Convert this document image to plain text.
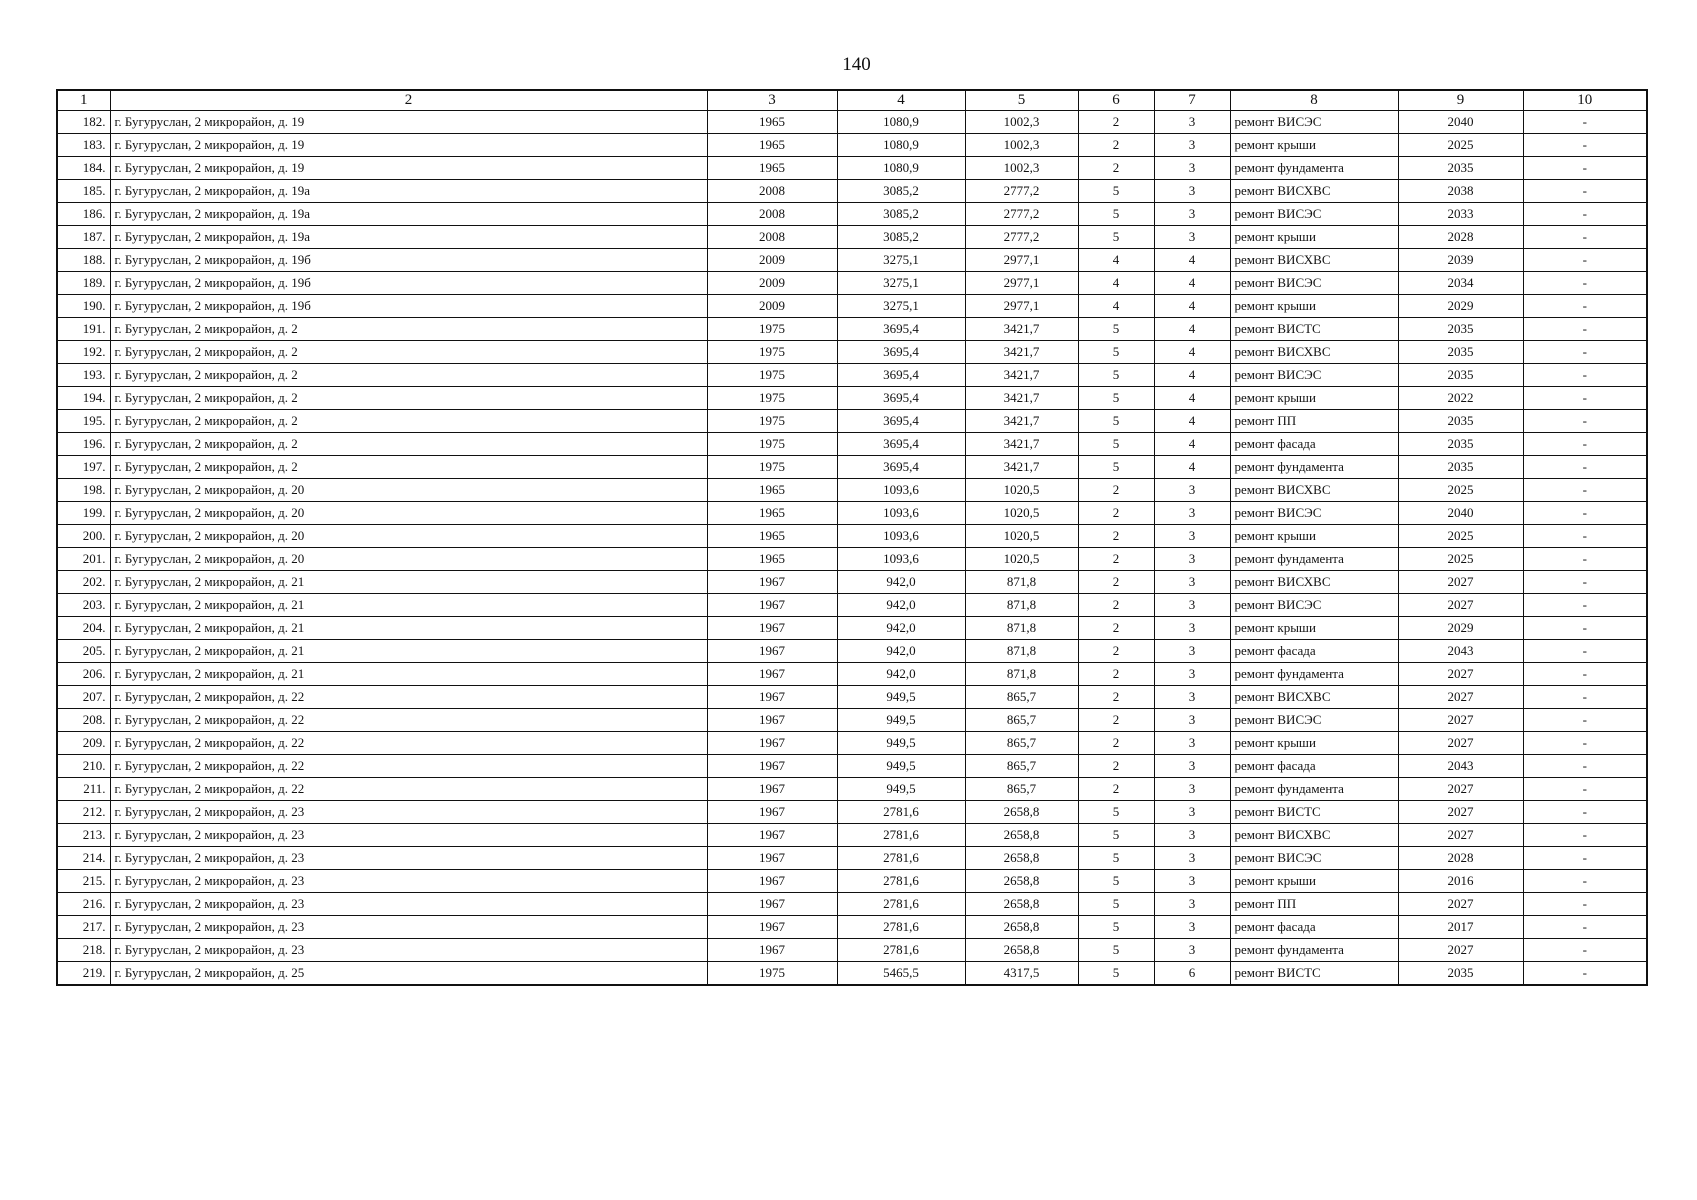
140
1	2	3	4	5	6	7	8	9	10
182.	г. Бугуруслан, 2 микрорайон, д. 19	1965	1080,9	1002,3	2	3	ремонт ВИСЭС	2040	-
183.	г. Бугуруслан, 2 микрорайон, д. 19	1965	1080,9	1002,3	2	3	ремонт крыши	2025	-
184.	г. Бугуруслан, 2 микрорайон, д. 19	1965	1080,9	1002,3	2	3	ремонт фундамента	2035	-
185.	г. Бугуруслан, 2 микрорайон, д. 19а	2008	3085,2	2777,2	5	3	ремонт ВИСХВС	2038	-
186.	г. Бугуруслан, 2 микрорайон, д. 19а	2008	3085,2	2777,2	5	3	ремонт ВИСЭС	2033	-
187.	г. Бугуруслан, 2 микрорайон, д. 19а	2008	3085,2	2777,2	5	3	ремонт крыши	2028	-
188.	г. Бугуруслан, 2 микрорайон, д. 19б	2009	3275,1	2977,1	4	4	ремонт ВИСХВС	2039	-
189.	г. Бугуруслан, 2 микрорайон, д. 19б	2009	3275,1	2977,1	4	4	ремонт ВИСЭС	2034	-
190.	г. Бугуруслан, 2 микрорайон, д. 19б	2009	3275,1	2977,1	4	4	ремонт крыши	2029	-
191.	г. Бугуруслан, 2 микрорайон, д. 2	1975	3695,4	3421,7	5	4	ремонт ВИСТС	2035	-
192.	г. Бугуруслан, 2 микрорайон, д. 2	1975	3695,4	3421,7	5	4	ремонт ВИСХВС	2035	-
193.	г. Бугуруслан, 2 микрорайон, д. 2	1975	3695,4	3421,7	5	4	ремонт ВИСЭС	2035	-
194.	г. Бугуруслан, 2 микрорайон, д. 2	1975	3695,4	3421,7	5	4	ремонт крыши	2022	-
195.	г. Бугуруслан, 2 микрорайон, д. 2	1975	3695,4	3421,7	5	4	ремонт ПП	2035	-
196.	г. Бугуруслан, 2 микрорайон, д. 2	1975	3695,4	3421,7	5	4	ремонт фасада	2035	-
197.	г. Бугуруслан, 2 микрорайон, д. 2	1975	3695,4	3421,7	5	4	ремонт фундамента	2035	-
198.	г. Бугуруслан, 2 микрорайон, д. 20	1965	1093,6	1020,5	2	3	ремонт ВИСХВС	2025	-
199.	г. Бугуруслан, 2 микрорайон, д. 20	1965	1093,6	1020,5	2	3	ремонт ВИСЭС	2040	-
200.	г. Бугуруслан, 2 микрорайон, д. 20	1965	1093,6	1020,5	2	3	ремонт крыши	2025	-
201.	г. Бугуруслан, 2 микрорайон, д. 20	1965	1093,6	1020,5	2	3	ремонт фундамента	2025	-
202.	г. Бугуруслан, 2 микрорайон, д. 21	1967	942,0	871,8	2	3	ремонт ВИСХВС	2027	-
203.	г. Бугуруслан, 2 микрорайон, д. 21	1967	942,0	871,8	2	3	ремонт ВИСЭС	2027	-
204.	г. Бугуруслан, 2 микрорайон, д. 21	1967	942,0	871,8	2	3	ремонт крыши	2029	-
205.	г. Бугуруслан, 2 микрорайон, д. 21	1967	942,0	871,8	2	3	ремонт фасада	2043	-
206.	г. Бугуруслан, 2 микрорайон, д. 21	1967	942,0	871,8	2	3	ремонт фундамента	2027	-
207.	г. Бугуруслан, 2 микрорайон, д. 22	1967	949,5	865,7	2	3	ремонт ВИСХВС	2027	-
208.	г. Бугуруслан, 2 микрорайон, д. 22	1967	949,5	865,7	2	3	ремонт ВИСЭС	2027	-
209.	г. Бугуруслан, 2 микрорайон, д. 22	1967	949,5	865,7	2	3	ремонт крыши	2027	-
210.	г. Бугуруслан, 2 микрорайон, д. 22	1967	949,5	865,7	2	3	ремонт фасада	2043	-
211.	г. Бугуруслан, 2 микрорайон, д. 22	1967	949,5	865,7	2	3	ремонт фундамента	2027	-
212.	г. Бугуруслан, 2 микрорайон, д. 23	1967	2781,6	2658,8	5	3	ремонт ВИСТС	2027	-
213.	г. Бугуруслан, 2 микрорайон, д. 23	1967	2781,6	2658,8	5	3	ремонт ВИСХВС	2027	-
214.	г. Бугуруслан, 2 микрорайон, д. 23	1967	2781,6	2658,8	5	3	ремонт ВИСЭС	2028	-
215.	г. Бугуруслан, 2 микрорайон, д. 23	1967	2781,6	2658,8	5	3	ремонт крыши	2016	-
216.	г. Бугуруслан, 2 микрорайон, д. 23	1967	2781,6	2658,8	5	3	ремонт ПП	2027	-
217.	г. Бугуруслан, 2 микрорайон, д. 23	1967	2781,6	2658,8	5	3	ремонт фасада	2017	-
218.	г. Бугуруслан, 2 микрорайон, д. 23	1967	2781,6	2658,8	5	3	ремонт фундамента	2027	-
219.	г. Бугуруслан, 2 микрорайон, д. 25	1975	5465,5	4317,5	5	6	ремонт ВИСТС	2035	-
